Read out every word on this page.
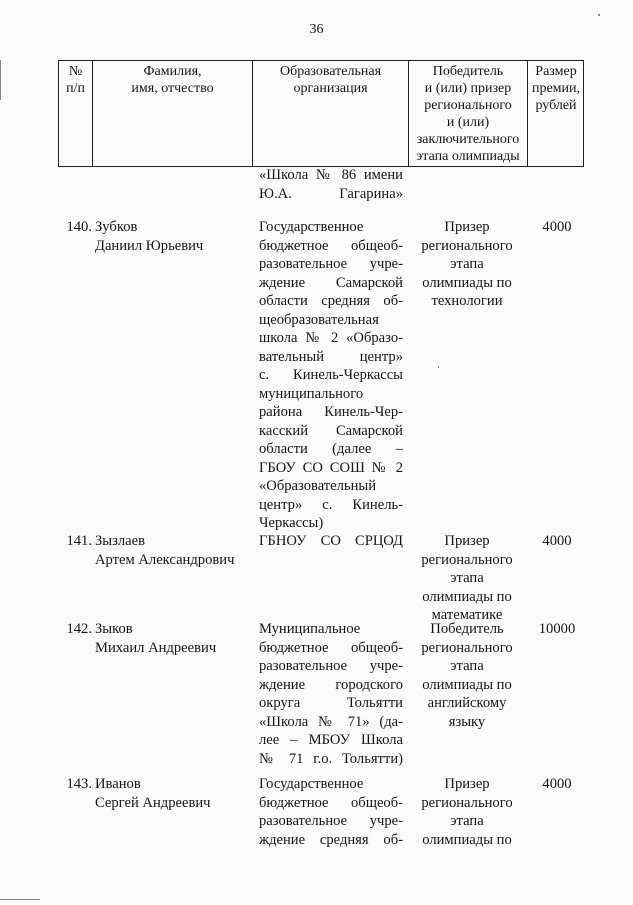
36
№
п/п
Фамилия,
имя, отчество
Образовательная
организация
Победитель
и (или) призер
регионального
и (или)
заключительного
этапа олимпиады
Размер
премии,
рублей
«Школа № 86 имени
Ю.А. Гагарина»
140. Зубков
Даниил Юрьевич
Государственное
бюджетное общеоб-
разовательное учре-
ждение Самарской
области средняя об-
щеобразовательная
школа № 2 «Образо-
вательный центр»
с. Кинель-Черкассы
муниципального
района Кинель-Чер-
касский Самарской
области (далее –
ГБОУ СО СОШ № 2
«Образовательный
центр» с. Кинель-
Черкассы)
Призер
регионального
этапа
олимпиады по
технологии
4000
141. Зызлаев
Артем Александрович
ГБНОУ СО СРЦОД	Призер
регионального
этапа
олимпиады по
математике
4000
142. Зыков
Михаил Андреевич
Муниципальное
бюджетное общеоб-
разовательное учре-
ждение городского
округа Тольятти
«Школа № 71» (да-
лее – МБОУ Школа
№ 71 г.о. Тольятти)
Победитель
регионального
этапа
олимпиады по
английскому
языку
10000
143. Иванов
Сергей Андреевич
Государственное
бюджетное общеоб-
разовательное учре-
ждение средняя об-
Призер
регионального
этапа
олимпиады по
4000
